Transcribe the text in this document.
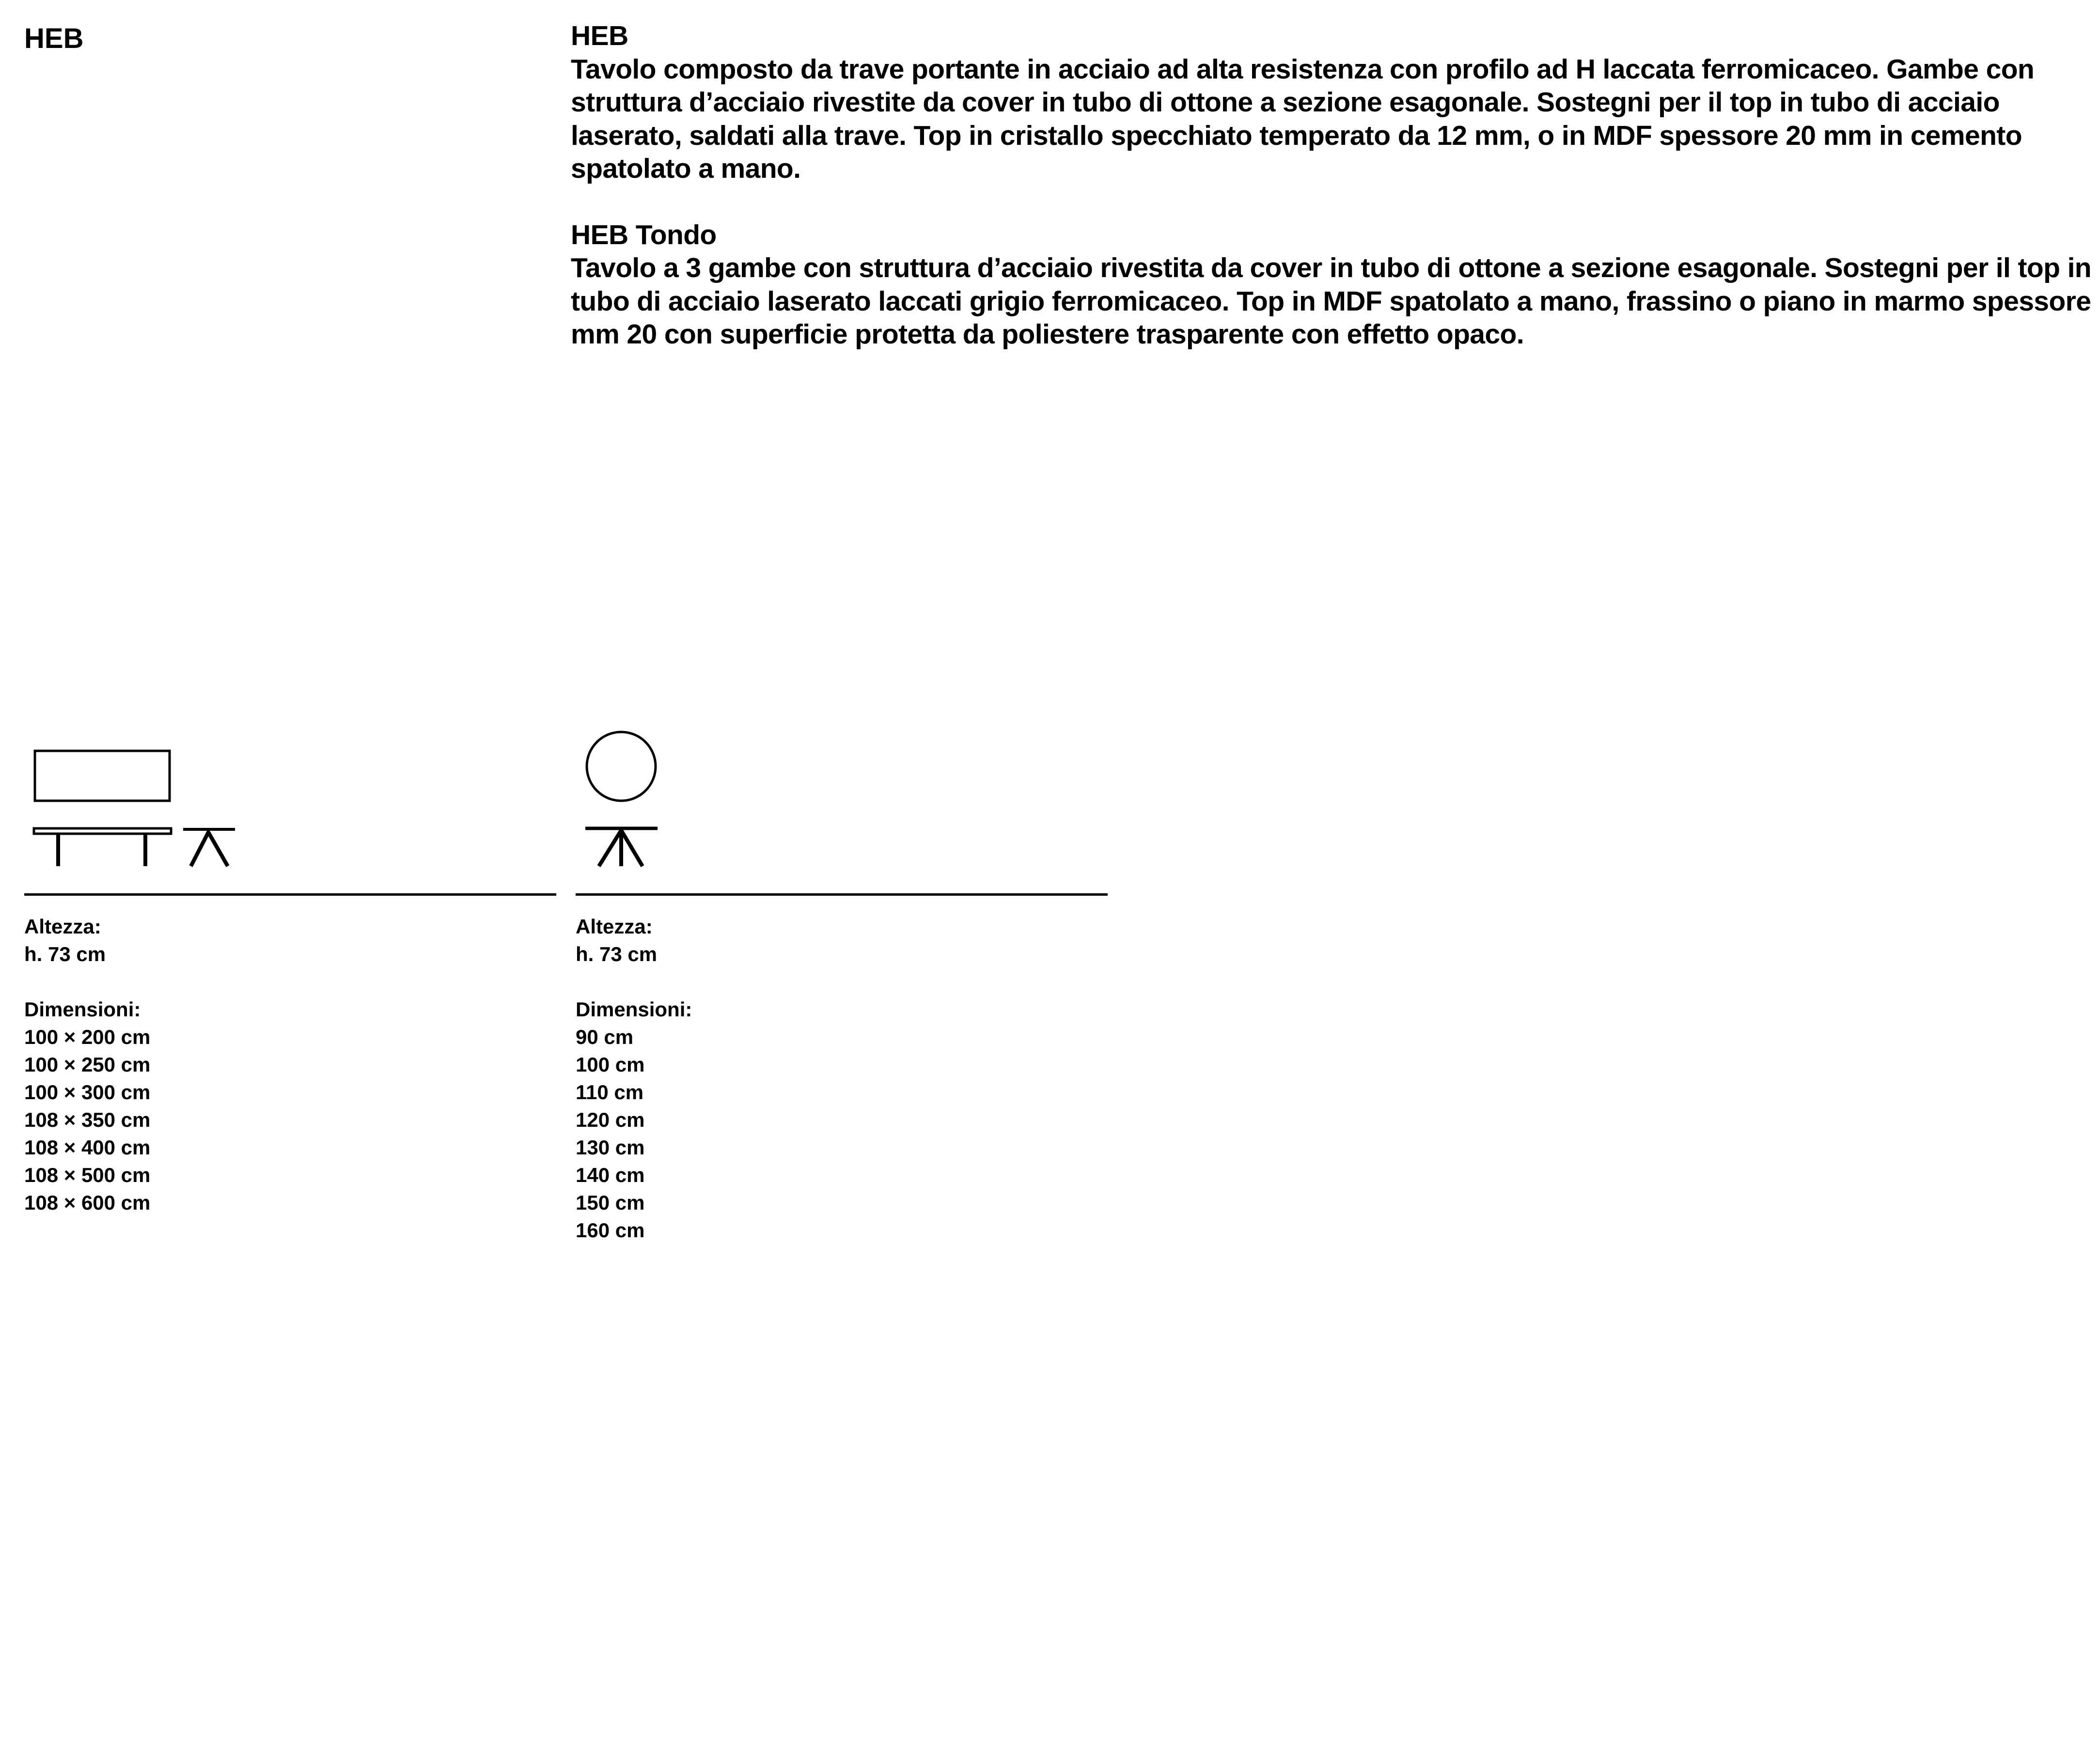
HEB	HEB
Tavolo composto da trave portante in acciaio ad alta resistenza con profilo ad H laccata ferromicaceo. Gambe con struttura d’acciaio rivestite da cover in tubo di ottone a sezione esagonale. Sostegni per il top in tubo di acciaio laserato, saldati alla trave. Top in cristallo specchiato temperato da 12 mm, o in MDF spessore 20 mm in cemento spatolato a mano.

HEB Tondo
Tavolo a 3 gambe con struttura d’acciaio rivestita da cover in tubo di ottone a sezione esagonale. Sostegni per il top in tubo di acciaio laserato laccati grigio ferromicaceo. Top in MDF spatolato a mano, frassino o piano in marmo spessore mm 20 con superficie protetta da poliestere trasparente con effetto opaco.

Altezza:
h. 73 cm
Dimensioni:
100 × 200 cm
100 × 250 cm
100 × 300 cm
108 × 350 cm
108 × 400 cm
108 × 500 cm
108 × 600 cm
Altezza:
h. 73 cm
Dimensioni:
90 cm
100 cm
110 cm
120 cm
130 cm
140 cm
150 cm
160 cm
